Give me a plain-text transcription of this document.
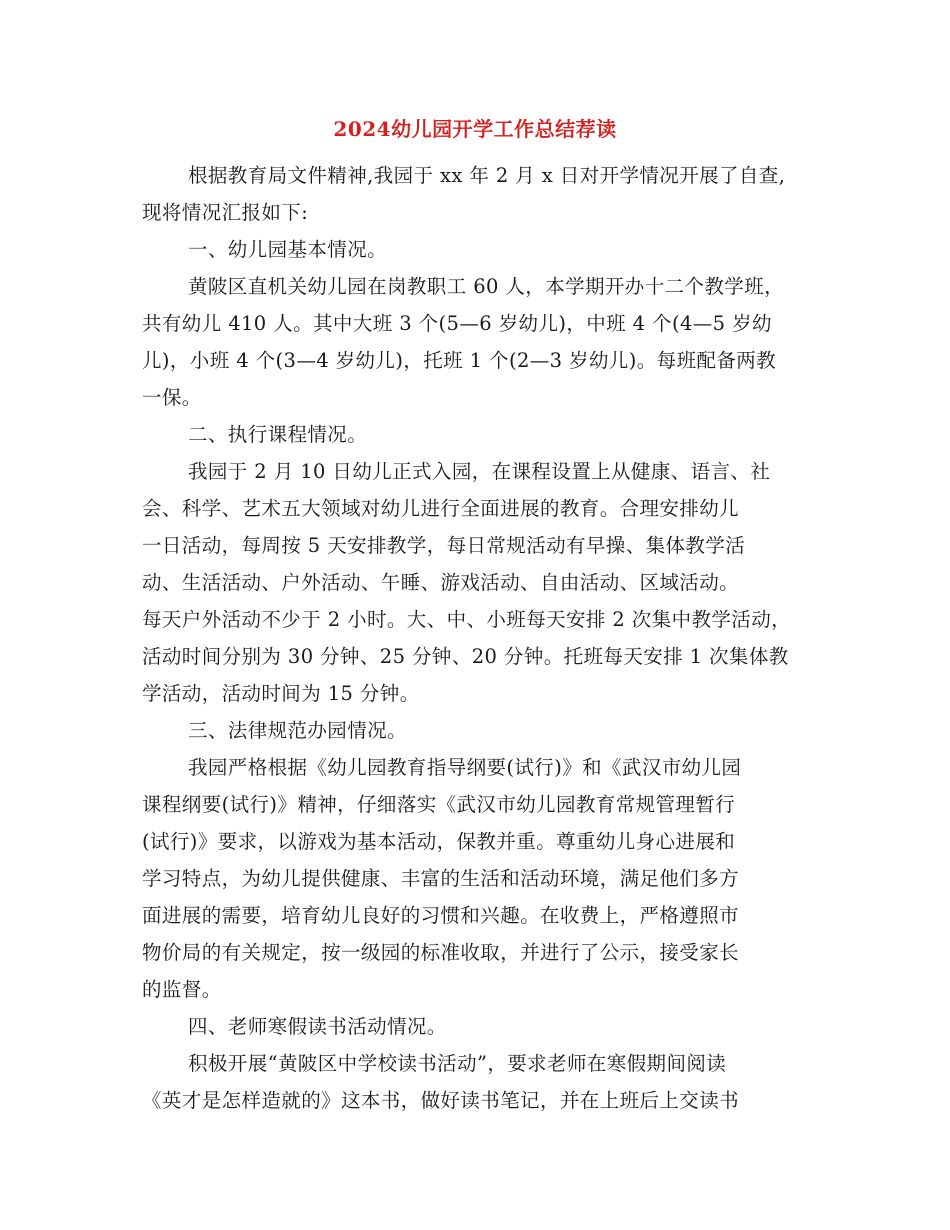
2024幼儿园开学工作总结荐读
根据教育局文件精神,我园于 xx 年 2 月 x 日对开学情况开展了自查,
现将情况汇报如下:
一、幼儿园基本情况。
黄陂区直机关幼儿园在岗教职工 60 人，本学期开办十二个教学班，
共有幼儿 410 人。其中大班 3 个(5—6 岁幼儿)，中班 4 个(4—5 岁幼
儿)，小班 4 个(3—4 岁幼儿)，托班 1 个(2—3 岁幼儿)。每班配备两教
一保。
二、执行课程情况。
我园于 2 月 10 日幼儿正式入园，在课程设置上从健康、语言、社
会、科学、艺术五大领域对幼儿进行全面进展的教育。合理安排幼儿
一日活动，每周按 5 天安排教学，每日常规活动有早操、集体教学活
动、生活活动、户外活动、午睡、游戏活动、自由活动、区域活动。
每天户外活动不少于 2 小时。大、中、小班每天安排 2 次集中教学活动，
活动时间分别为 30 分钟、25 分钟、20 分钟。托班每天安排 1 次集体教
学活动，活动时间为 15 分钟。
三、法律规范办园情况。
我园严格根据《幼儿园教育指导纲要(试行)》和《武汉市幼儿园
课程纲要(试行)》精神，仔细落实《武汉市幼儿园教育常规管理暂行
(试行)》要求，以游戏为基本活动，保教并重。尊重幼儿身心进展和
学习特点，为幼儿提供健康、丰富的生活和活动环境，满足他们多方
面进展的需要，培育幼儿良好的习惯和兴趣。在收费上，严格遵照市
物价局的有关规定，按一级园的标准收取，并进行了公示，接受家长
的监督。
四、老师寒假读书活动情况。
积极开展“黄陂区中学校读书活动”，要求老师在寒假期间阅读
《英才是怎样造就的》这本书，做好读书笔记，并在上班后上交读书
